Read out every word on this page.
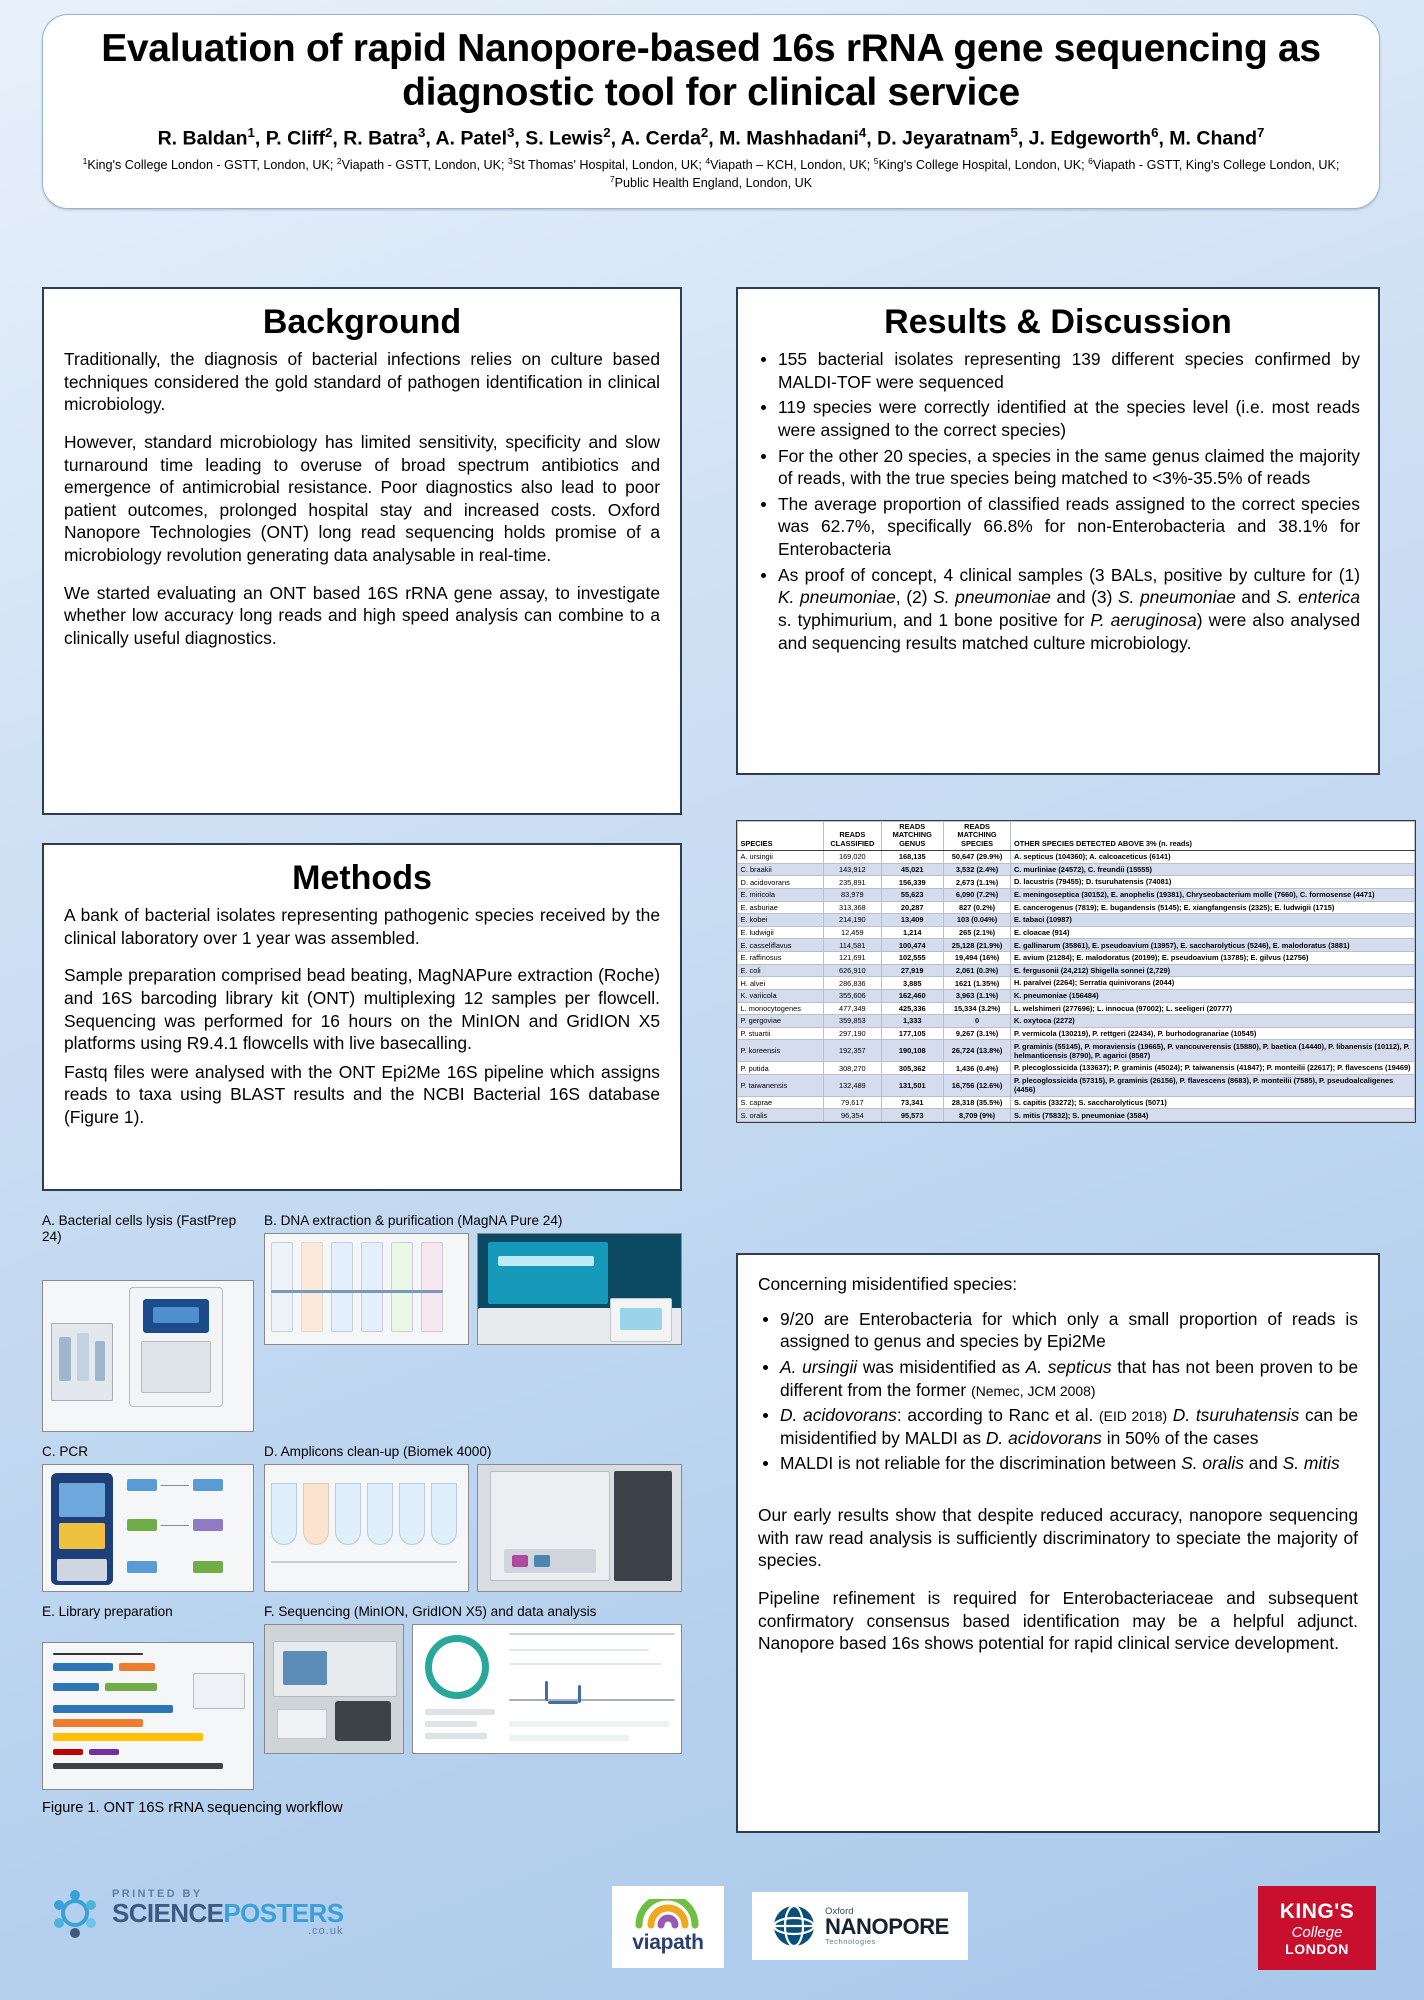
Evaluation of rapid Nanopore-based 16s rRNA gene sequencing as diagnostic tool for clinical service
R. Baldan$^1$, P. Cliff$^2$, R. Batra$^3$, A. Patel$^3$, S. Lewis$^2$, A. Cerda$^2$, M. Mashhadani$^4$, D. Jeyaratnam$^5$, J. Edgeworth$^6$, M. Chand$^7$
$^1$King's College London - GSTT, London, UK; $^2$Viapath - GSTT, London, UK; $^3$St Thomas' Hospital, London, UK; $^4$Viapath – KCH, London, UK; $^5$King's College Hospital, London, UK; $^6$Viapath - GSTT, King's College London, UK; $^7$Public Health England, London, UK
Background

Traditionally, the diagnosis of bacterial infections relies on culture based techniques considered the gold standard of pathogen identification in clinical microbiology.

However, standard microbiology has limited sensitivity, specificity and slow turnaround time leading to overuse of broad spectrum antibiotics and emergence of antimicrobial resistance. Poor diagnostics also lead to poor patient outcomes, prolonged hospital stay and increased costs. Oxford Nanopore Technologies (ONT) long read sequencing holds promise of a microbiology revolution generating data analysable in real-time.

We started evaluating an ONT based 16S rRNA gene assay, to investigate whether low accuracy long reads and high speed analysis can combine to a clinically useful diagnostics.

Methods

A bank of bacterial isolates representing pathogenic species received by the clinical laboratory over 1 year was assembled.

Sample preparation comprised bead beating, MagNAPure extraction (Roche) and 16S barcoding library kit (ONT) multiplexing 12 samples per flowcell. Sequencing was performed for 16 hours on the MinION and GridION X5 platforms using R9.4.1 flowcells with live basecalling.

Fastq files were analysed with the ONT Epi2Me 16S pipeline which assigns reads to taxa using BLAST results and the NCBI Bacterial 16S database (Figure 1).

Results & Discussion
• 155 bacterial isolates representing 139 different species confirmed by MALDI-TOF were sequenced
• 119 species were correctly identified at the species level (i.e. most reads were assigned to the correct species)
• For the other 20 species, a species in the same genus claimed the majority of reads, with the true species being matched to <3%-35.5% of reads
• The average proportion of classified reads assigned to the correct species was 62.7%, specifically 66.8% for non-Enterobacteria and 38.1% for Enterobacteria
• As proof of concept, 4 clinical samples (3 BALs, positive by culture for (1) K. pneumoniae, (2) S. pneumoniae and (3) S. pneumoniae and S. enterica s. typhimurium, and 1 bone positive for P. aeruginosa) were also analysed and sequencing results matched culture microbiology.
SPECIES	READS CLASSIFIED	READS MATCHING GENUS	READS MATCHING SPECIES	OTHER SPECIES DETECTED ABOVE 3% (n. reads)
A. ursingii	169,020	168,135	50,647 (29.9%)	A. septicus (104360); A. calcoaceticus (6141)
C. braakii	143,912	45,021	3,532 (2.4%)	C. murliniae (24572), C. freundii (15555)
D. acidovorans	235,891	156,339	2,673 (1.1%)	D. lacustris (79455); D. tsuruhatensis (74081)
E. miricola	83,979	55,623	6,090 (7.2%)	E. meningoseptica (30152), E. anophelis (19381), Chryseobacterium molle (7660), C. formosense (4471)
E. asburiae	313,368	20,287	827 (0.2%)	E. cancerogenus (7819); E. bugandensis (5145); E. xiangfangensis (2325); E. ludwigii (1715)
E. kobei	214,190	13,409	103 (0.04%)	E. tabaci (10987)
E. ludwigii	12,459	1,214	265 (2.1%)	E. cloacae (914)
E. casseliflavus	114,581	100,474	25,128 (21.9%)	E. gallinarum (35861), E. pseudoavium (13957), E. saccharolyticus (5246), E. malodoratus (3881)
E. raffinosus	121,691	102,555	19,494 (16%)	E. avium (21284); E. malodoratus (20199); E. pseudoavium (13785); E. gilvus (12756)
E. coli	626,910	27,919	2,061 (0.3%)	E. fergusonii (24,212) Shigella sonnei (2,729)
H. alvei	286,836	3,885	1621 (1.35%)	H. paralvei (2264); Serratia quinivorans (2044)
K. variicola	355,606	162,460	3,963 (1.1%)	K. pneumoniae (156484)
L. monocytogenes	477,349	425,336	15,334 (3.2%)	L. welshimeri (277696); L. innocua (97002); L. seeligeri (20777)
P. gergoviae	359,853	1,333	0	K. oxytoca (2272)
P. stuartii	297,190	177,105	9,267 (3.1%)	P. vermicola (130219), P. rettgeri (22434), P. burhodogranariae (10545)
P. koreensis	192,357	190,108	26,724 (13.8%)	P. graminis (55145), P. moraviensis (19665), P. vancouverensis (15880), P. baetica (14440), P. libanensis (10112), P. helmanticensis (8790), P. agarici (8587)
P. putida	308,270	305,362	1,436 (0.4%)	P. plecoglossicida (133637); P. graminis (45024); P. taiwanensis (41847); P. monteilii (22617); P. flavescens (19469)
P. taiwanensis	132,489	131,501	16,756 (12.6%)	P. plecoglossicida (57315), P. graminis (26156), P. flavescens (8683), P. monteilii (7585), P. pseudoalcaligenes (4456)
S. caprae	79,617	73,341	28,318 (35.5%)	S. capitis (33272); S. saccharolyticus (5071)
S. oralis	96,354	95,573	8,709 (9%)	S. mitis (75832); S. pneumoniae (3584)

Concerning misidentified species:

• 9/20 are Enterobacteria for which only a small proportion of reads is assigned to genus and species by Epi2Me
• A. ursingii was misidentified as A. septicus that has not been proven to be different from the former (Nemec, JCM 2008)
• D. acidovorans: according to Ranc et al. (EID 2018) D. tsuruhatensis can be misidentified by MALDI as D. acidovorans in 50% of the cases
• MALDI is not reliable for the discrimination between S. oralis and S. mitis

Our early results show that despite reduced accuracy, nanopore sequencing with raw read analysis is sufficiently discriminatory to speciate the majority of species.

Pipeline refinement is required for Enterobacteriaceae and subsequent confirmatory consensus based identification may be a helpful adjunct. Nanopore based 16s shows potential for rapid clinical service development.

A. Bacterial cells lysis (FastPrep 24)
B. DNA extraction & purification (MagNA Pure 24)
C. PCR	D. Amplicons clean-up (Biomek 4000)
E. Library preparation	F. Sequencing (MinION, GridION X5) and data analysis
Figure 1. ONT 16S rRNA sequencing workflow
PRINTED BY
SCIENCEPOSTERS
.co.uk	viapath
Oxford
NANOPORE
Technologies
KING'S
College
LONDON
